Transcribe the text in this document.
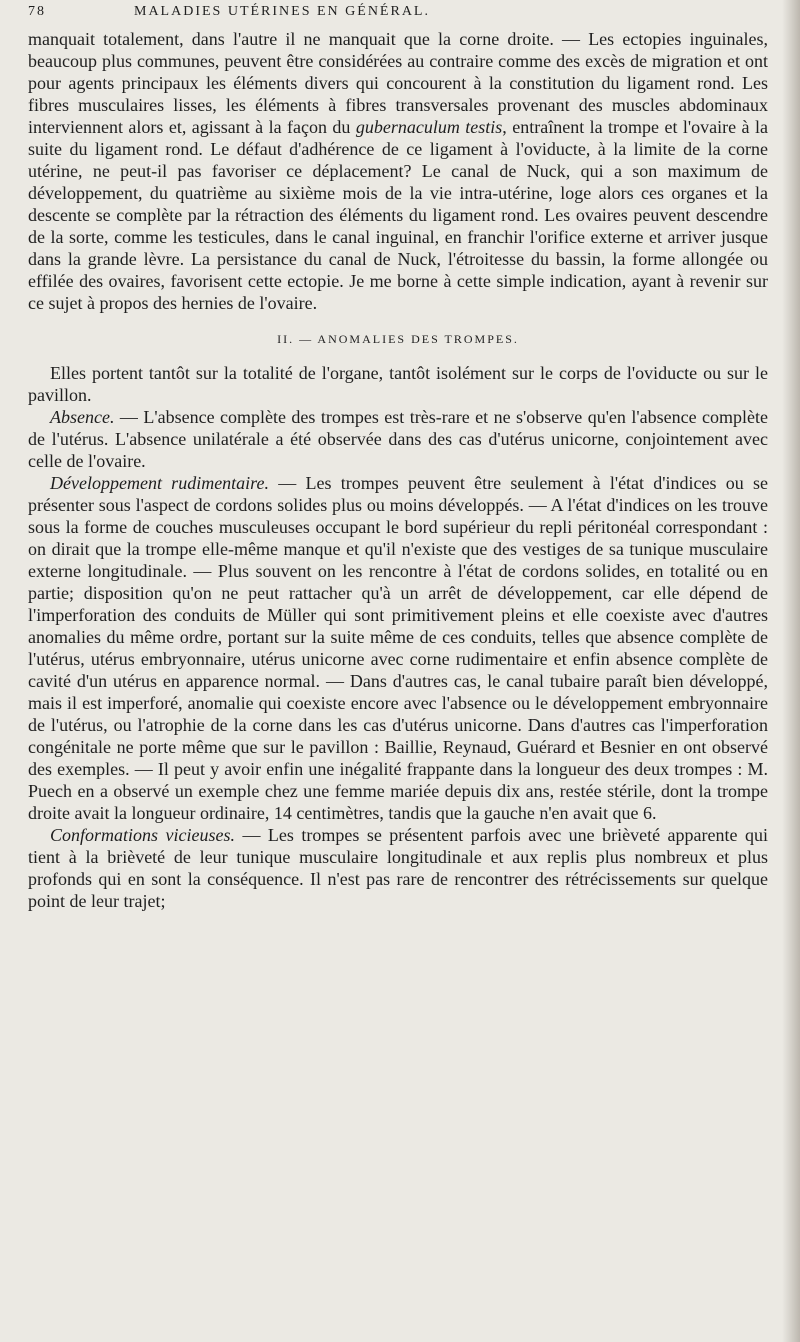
78	MALADIES UTÉRINES EN GÉNÉRAL.

manquait totalement, dans l'autre il ne manquait que la corne droite. — Les ectopies inguinales, beaucoup plus communes, peuvent être considérées au contraire comme des excès de migration et ont pour agents principaux les éléments divers qui concourent à la constitution du ligament rond. Les fibres musculaires lisses, les éléments à fibres transversales provenant des muscles abdominaux interviennent alors et, agissant à la façon du gubernaculum testis, entraînent la trompe et l'ovaire à la suite du ligament rond. Le défaut d'adhérence de ce ligament à l'oviducte, à la limite de la corne utérine, ne peut-il pas favoriser ce déplacement? Le canal de Nuck, qui a son maximum de développement, du quatrième au sixième mois de la vie intra-utérine, loge alors ces organes et la descente se complète par la rétraction des éléments du ligament rond. Les ovaires peuvent descendre de la sorte, comme les testicules, dans le canal inguinal, en franchir l'orifice externe et arriver jusque dans la grande lèvre. La persistance du canal de Nuck, l'étroitesse du bassin, la forme allongée ou effilée des ovaires, favorisent cette ectopie. Je me borne à cette simple indication, ayant à revenir sur ce sujet à propos des hernies de l'ovaire.

II. — ANOMALIES DES TROMPES.

Elles portent tantôt sur la totalité de l'organe, tantôt isolément sur le corps de l'oviducte ou sur le pavillon.

Absence. — L'absence complète des trompes est très-rare et ne s'observe qu'en l'absence complète de l'utérus. L'absence unilatérale a été observée dans des cas d'utérus unicorne, conjointement avec celle de l'ovaire.

Développement rudimentaire. — Les trompes peuvent être seulement à l'état d'indices ou se présenter sous l'aspect de cordons solides plus ou moins développés. — A l'état d'indices on les trouve sous la forme de couches musculeuses occupant le bord supérieur du repli péritonéal correspondant : on dirait que la trompe elle-même manque et qu'il n'existe que des vestiges de sa tunique musculaire externe longitudinale. — Plus souvent on les rencontre à l'état de cordons solides, en totalité ou en partie; disposition qu'on ne peut rattacher qu'à un arrêt de développement, car elle dépend de l'imperforation des conduits de Müller qui sont primitivement pleins et elle coexiste avec d'autres anomalies du même ordre, portant sur la suite même de ces conduits, telles que absence complète de l'utérus, utérus embryonnaire, utérus unicorne avec corne rudimentaire et enfin absence complète de cavité d'un utérus en apparence normal. — Dans d'autres cas, le canal tubaire paraît bien développé, mais il est imperforé, anomalie qui coexiste encore avec l'absence ou le développement embryonnaire de l'utérus, ou l'atrophie de la corne dans les cas d'utérus unicorne. Dans d'autres cas l'imperforation congénitale ne porte même que sur le pavillon : Baillie, Reynaud, Guérard et Besnier en ont observé des exemples. — Il peut y avoir enfin une inégalité frappante dans la longueur des deux trompes : M. Puech en a observé un exemple chez une femme mariée depuis dix ans, restée stérile, dont la trompe droite avait la longueur ordinaire, 14 centimètres, tandis que la gauche n'en avait que 6.

Conformations vicieuses. — Les trompes se présentent parfois avec une brièveté apparente qui tient à la brièveté de leur tunique musculaire longitudinale et aux replis plus nombreux et plus profonds qui en sont la conséquence. Il n'est pas rare de rencontrer des rétrécissements sur quelque point de leur trajet;
